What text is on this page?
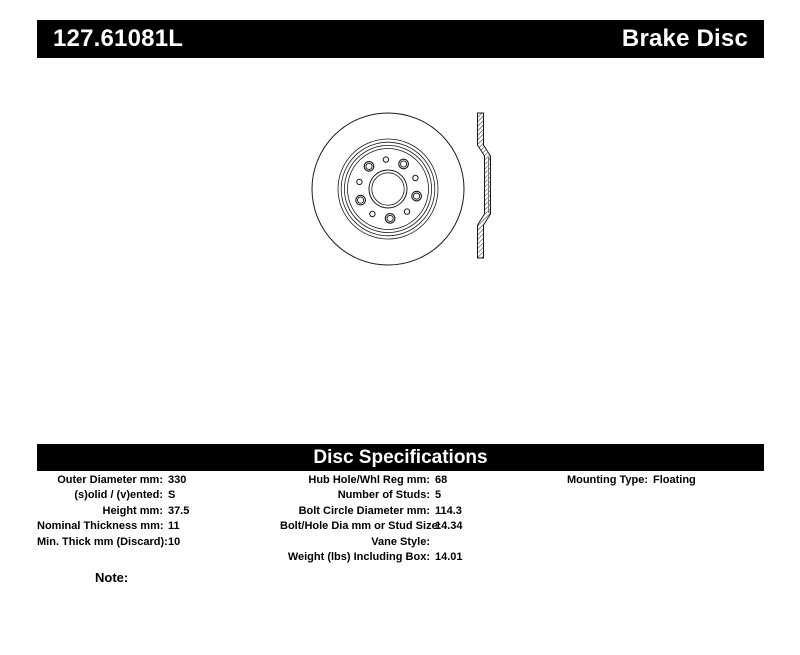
127.61081L	Brake Disc
Disc Specifications
Outer Diameter mm: 330
(s)olid / (v)ented: S
Height mm: 37.5
Nominal Thickness mm: 11
Min. Thick mm (Discard): 10
Hub Hole/Whl Reg mm: 68
Number of Studs: 5
Bolt Circle Diameter mm: 114.3
Bolt/Hole Dia mm or Stud Size:
14.34
Vane Style:
Weight (lbs) Including Box: 14.01
Mounting Type: Floating
Note:
